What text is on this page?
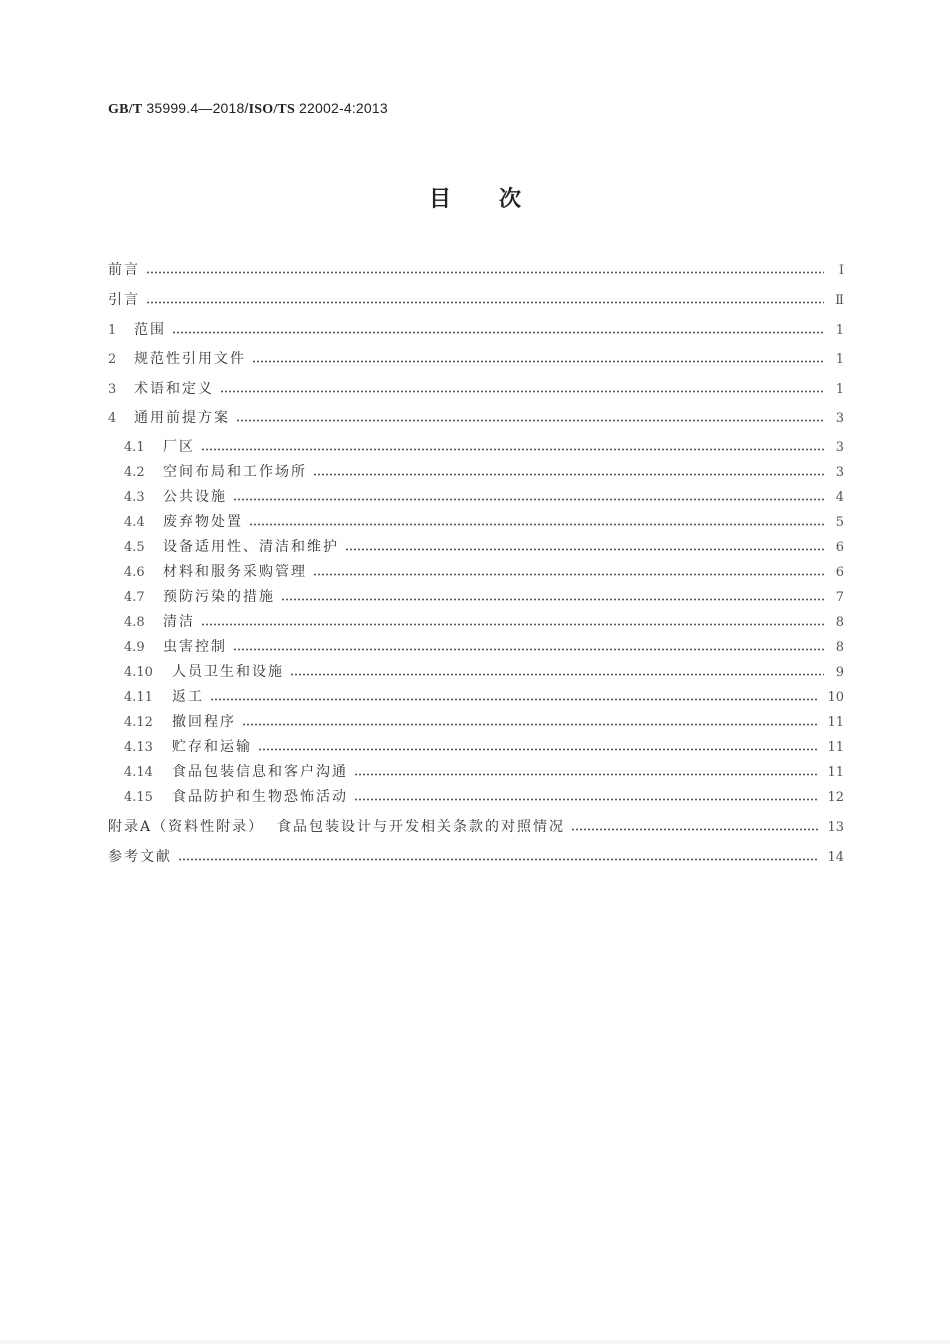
GB/T 35999.4—2018/ISO/TS 22002-4:2013
目次
前言	Ⅰ
引言	Ⅱ
1	范围	1
2	规范性引用文件	1
3	术语和定义	1
4	通用前提方案	3
4.1	厂区	3
4.2	空间布局和工作场所	3
4.3	公共设施	4
4.4	废弃物处置	5
4.5	设备适用性、清洁和维护	6
4.6	材料和服务采购管理	6
4.7	预防污染的措施	7
4.8	清洁	8
4.9	虫害控制	8
4.10	人员卫生和设施	9
4.11	返工	10
4.12	撤回程序	11
4.13	贮存和运输	11
4.14	食品包装信息和客户沟通	11
4.15	食品防护和生物恐怖活动	12
附录A（资料性附录）  食品包装设计与开发相关条款的对照情况	13
参考文献	14
